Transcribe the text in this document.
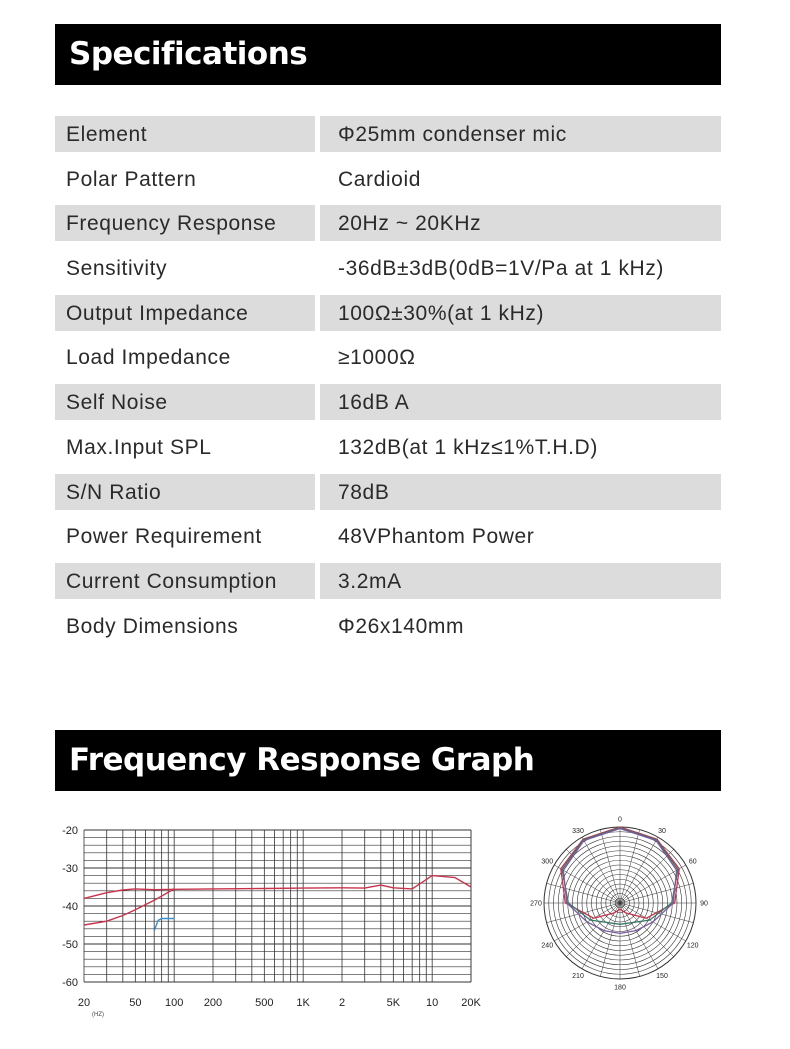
Specifications
Element	Φ25mm condenser mic
Polar Pattern	Cardioid
Frequency Response	20Hz ~ 20KHz
Sensitivity	-36dB±3dB(0dB=1V/Pa at 1 kHz)
Output Impedance	100Ω±30%(at 1 kHz)
Load Impedance	≥1000Ω
Self Noise	16dB A
Max.Input SPL	132dB(at 1 kHz≤1%T.H.D)
S/N Ratio	78dB
Power Requirement	48VPhantom Power
Current Consumption	3.2mA
Body Dimensions	Φ26x140mm
Frequency Response Graph
-20
-30
-40
-50
-60
20	50 100 200	500 1K	2	5K 10 20K
(HZ)
0
30
60
90
120
150
180
210
240
270
300
330
